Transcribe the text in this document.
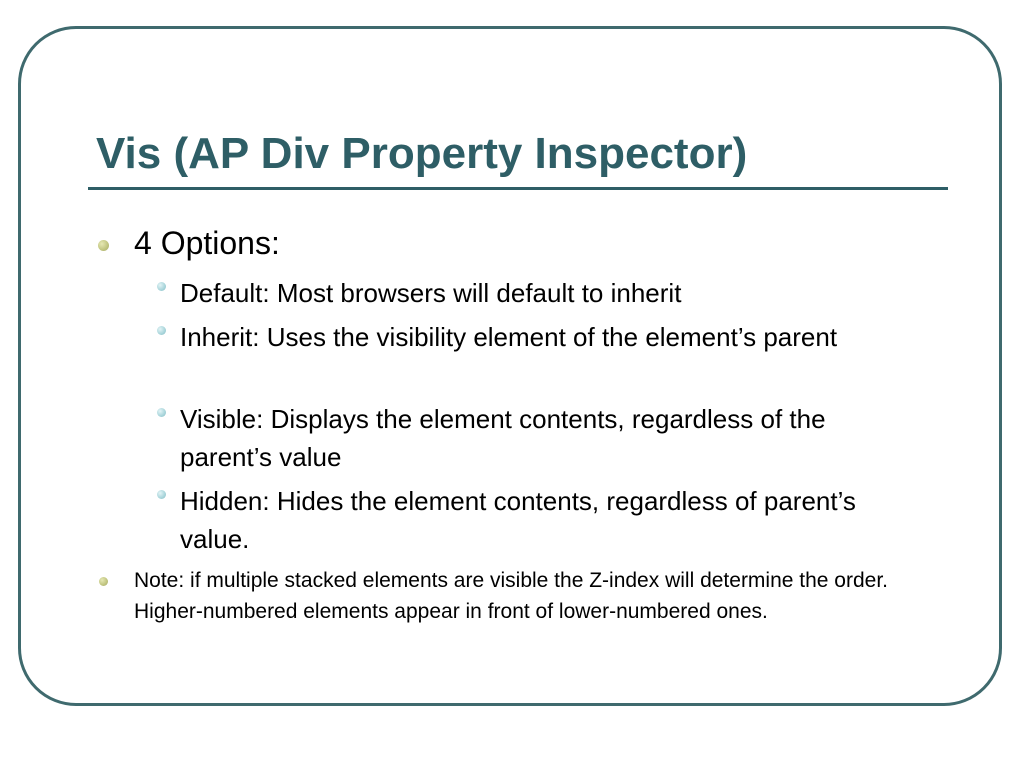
Vis (AP Div Property Inspector)
4 Options:
Default: Most browsers will default to inherit
Inherit: Uses the visibility element of the element’s parent
Visible: Displays the element contents, regardless of the parent’s value
Hidden: Hides the element contents, regardless of parent’s value.
Note: if multiple stacked elements are visible the Z-index will determine the order. Higher-numbered elements appear in front of lower-numbered ones.
